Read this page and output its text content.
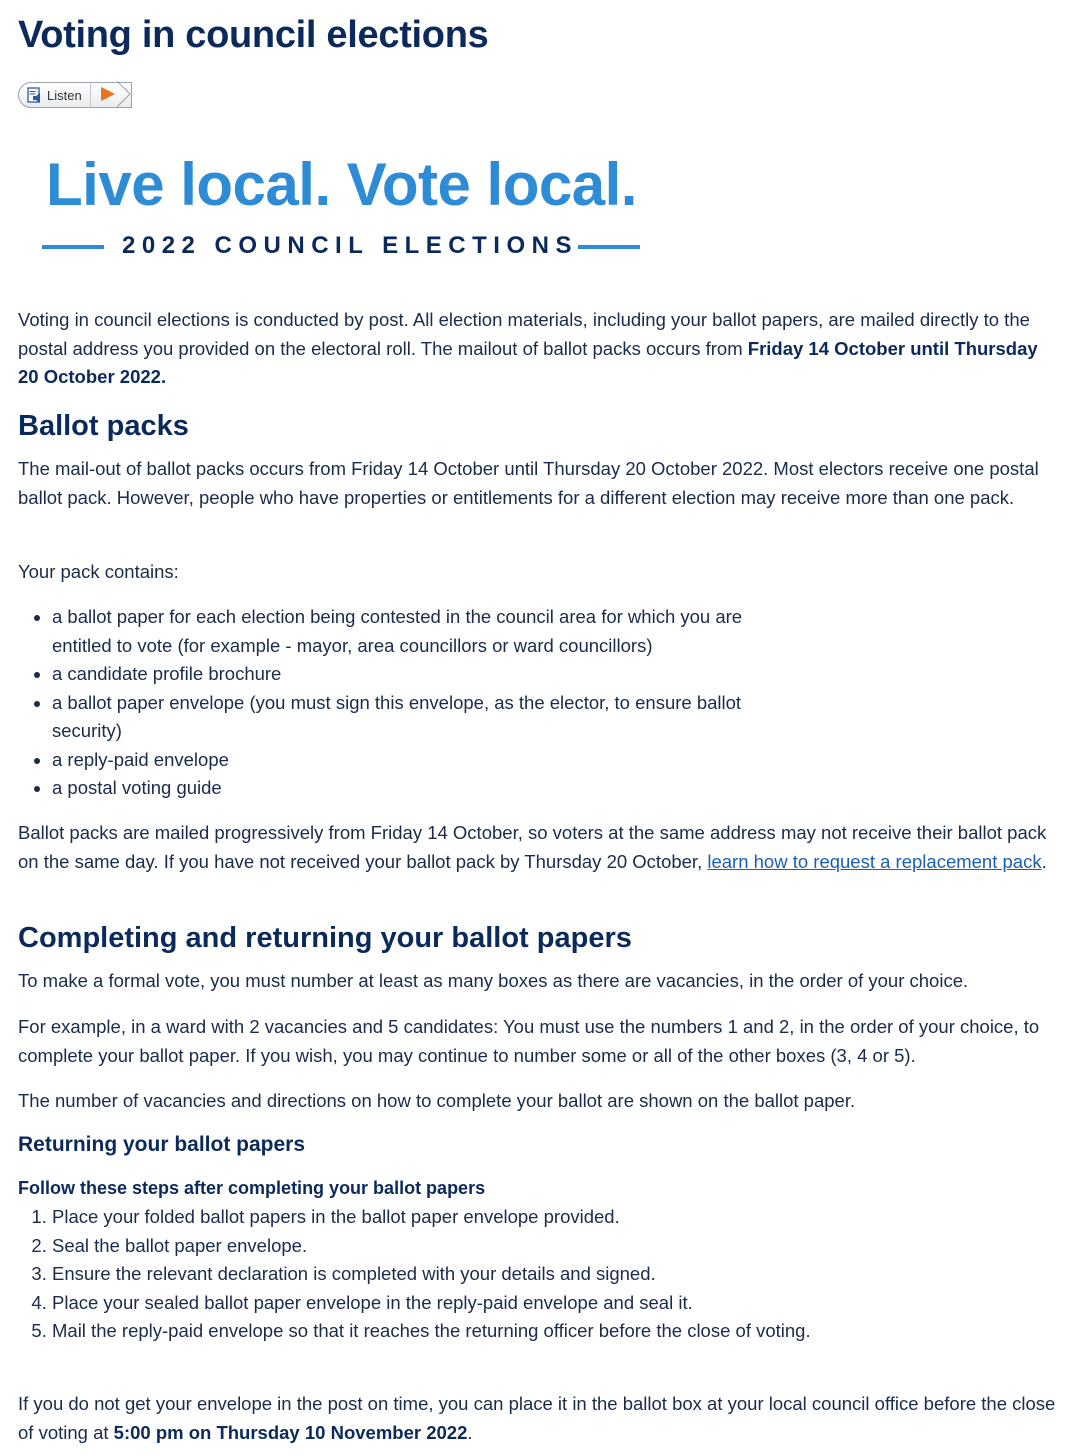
Voting in council elections
Listen
Live local. Vote local.
2022 COUNCIL ELECTIONS

Voting in council elections is conducted by post. All election materials, including your ballot papers, are mailed directly to the postal address you provided on the electoral roll. The mailout of ballot packs occurs from Friday 14 October until Thursday 20 October 2022.

Ballot packs

The mail-out of ballot packs occurs from Friday 14 October until Thursday 20 October 2022. Most electors receive one postal ballot pack. However, people who have properties or entitlements for a different election may receive more than one pack.

Your pack contains:

• a ballot paper for each election being contested in the council area for which you are entitled to vote (for example - mayor, area councillors or ward councillors)
• a candidate profile brochure
• a ballot paper envelope (you must sign this envelope, as the elector, to ensure ballot security)
• a reply-paid envelope
• a postal voting guide

Ballot packs are mailed progressively from Friday 14 October, so voters at the same address may not receive their ballot pack on the same day. If you have not received your ballot pack by Thursday 20 October, learn how to request a replacement pack.

Completing and returning your ballot papers

To make a formal vote, you must number at least as many boxes as there are vacancies, in the order of your choice.

For example, in a ward with 2 vacancies and 5 candidates: You must use the numbers 1 and 2, in the order of your choice, to complete your ballot paper. If you wish, you may continue to number some or all of the other boxes (3, 4 or 5).

The number of vacancies and directions on how to complete your ballot are shown on the ballot paper.

Returning your ballot papers
Follow these steps after completing your ballot papers
1. Place your folded ballot papers in the ballot paper envelope provided.
2. Seal the ballot paper envelope.
3. Ensure the relevant declaration is completed with your details and signed.
4. Place your sealed ballot paper envelope in the reply-paid envelope and seal it.
5. Mail the reply-paid envelope so that it reaches the returning officer before the close of voting.

If you do not get your envelope in the post on time, you can place it in the ballot box at your local council office before the close of voting at 5:00 pm on Thursday 10 November 2022.
